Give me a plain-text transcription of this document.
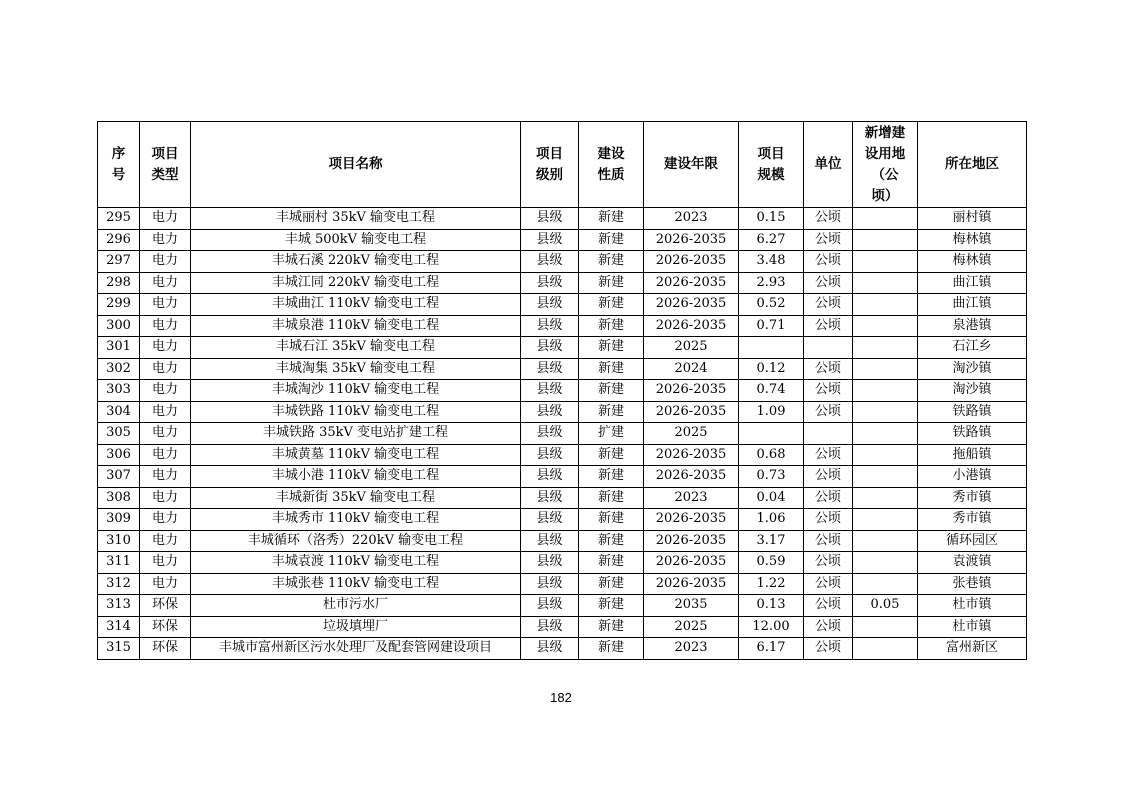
序号	项目类型	项目名称	项目级别	建设性质	建设年限	项目规模	单位	新增建设用地（公顷）	所在地区
295	电力	丰城丽村 35kV 输变电工程	县级	新建	2023	0.15	公顷		丽村镇
296	电力	丰城 500kV 输变电工程	县级	新建	2026-2035	6.27	公顷		梅林镇
297	电力	丰城石溪 220kV 输变电工程	县级	新建	2026-2035	3.48	公顷		梅林镇
298	电力	丰城江同 220kV 输变电工程	县级	新建	2026-2035	2.93	公顷		曲江镇
299	电力	丰城曲江 110kV 输变电工程	县级	新建	2026-2035	0.52	公顷		曲江镇
300	电力	丰城泉港 110kV 输变电工程	县级	新建	2026-2035	0.71	公顷		泉港镇
301	电力	丰城石江 35kV 输变电工程	县级	新建	2025				石江乡
302	电力	丰城淘集 35kV 输变电工程	县级	新建	2024	0.12	公顷		淘沙镇
303	电力	丰城淘沙 110kV 输变电工程	县级	新建	2026-2035	0.74	公顷		淘沙镇
304	电力	丰城铁路 110kV 输变电工程	县级	新建	2026-2035	1.09	公顷		铁路镇
305	电力	丰城铁路 35kV 变电站扩建工程	县级	扩建	2025				铁路镇
306	电力	丰城黄墓 110kV 输变电工程	县级	新建	2026-2035	0.68	公顷		拖船镇
307	电力	丰城小港 110kV 输变电工程	县级	新建	2026-2035	0.73	公顷		小港镇
308	电力	丰城新街 35kV 输变电工程	县级	新建	2023	0.04	公顷		秀市镇
309	电力	丰城秀市 110kV 输变电工程	县级	新建	2026-2035	1.06	公顷		秀市镇
310	电力	丰城循环（洛秀）220kV 输变电工程	县级	新建	2026-2035	3.17	公顷		循环园区
311	电力	丰城袁渡 110kV 输变电工程	县级	新建	2026-2035	0.59	公顷		袁渡镇
312	电力	丰城张巷 110kV 输变电工程	县级	新建	2026-2035	1.22	公顷		张巷镇
313	环保	杜市污水厂	县级	新建	2035	0.13	公顷	0.05	杜市镇
314	环保	垃圾填埋厂	县级	新建	2025	12.00	公顷		杜市镇
315	环保	丰城市富州新区污水处理厂及配套管网建设项目	县级	新建	2023	6.17	公顷		富州新区
182
